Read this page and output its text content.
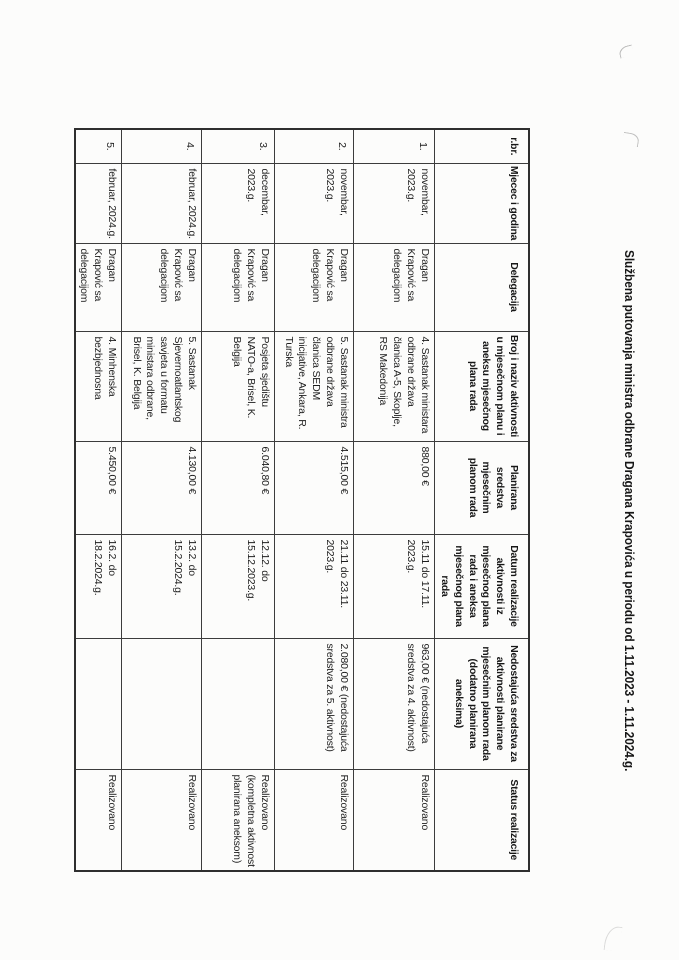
Službena putovanja ministra odbrane Dragana Krapovića u periodu od 1.11.2023 - 1.11.2024.g.
r.br.	Mjecec i godina	Delegacija	Broj i naziv aktivnosti u mjesečnom planu i aneksu mjesečnog plana rada	Planirana sredstva mjesečnim planom rada	Datum realizacije aktivnosti iz mjesečnog plana rada i aneksa mjesečnog plana rada	Nedostajuća sredstva za aktivnosti planirane mjesečnim planom rada (dodatno planirana aneksima)	Status realizacije
1.	novembar, 2023.g.	Dragan Krapović sa delegacijom	4. Sastanak ministara odbrane država članica A-5, Skoplje, RS Makedonija	880,00 €	15.11 do 17.11. 2023.g.	963,00 € (nedostajuća sredstva za 4. aktivnost)	Realizovano
2.	novembar, 2023.g.	Dragan Krapović sa delegacijom	5. Sastanak ministra odbrane država članica SEDM inicijative, Ankara, R. Turska	4.515,00 €	21.11 do 23.11. 2023.g.	2.080,00 € (nedostajuća sredstva za 5. aktivnost)	Realizovano
3.	decembar, 2023.g.	Dragan Krapović sa delegacijom	Posjeta sjedištu NATO-a, Brisel, K. Belgija	6.040,80 €	12.12. do 15.12.2023.g.		Realizovano (kompletna aktivnost planirana aneksom)
4.	februar, 2024.g.	Dragan Krapović sa delegacijom	5. Sastanak Sjevernoatlantskog savjeta u formatu ministara odbrane, Brisel, K. Belgija	4.130,00 €	13.2. do 15.2.2024.g.		Realizovano
5.	februar, 2024.g.	Dragan Krapović sa delegacijom	4. Minhenska bezbjednosna	5.450,00 €	16.2. do 18.2.2024.g.		Realizovano
